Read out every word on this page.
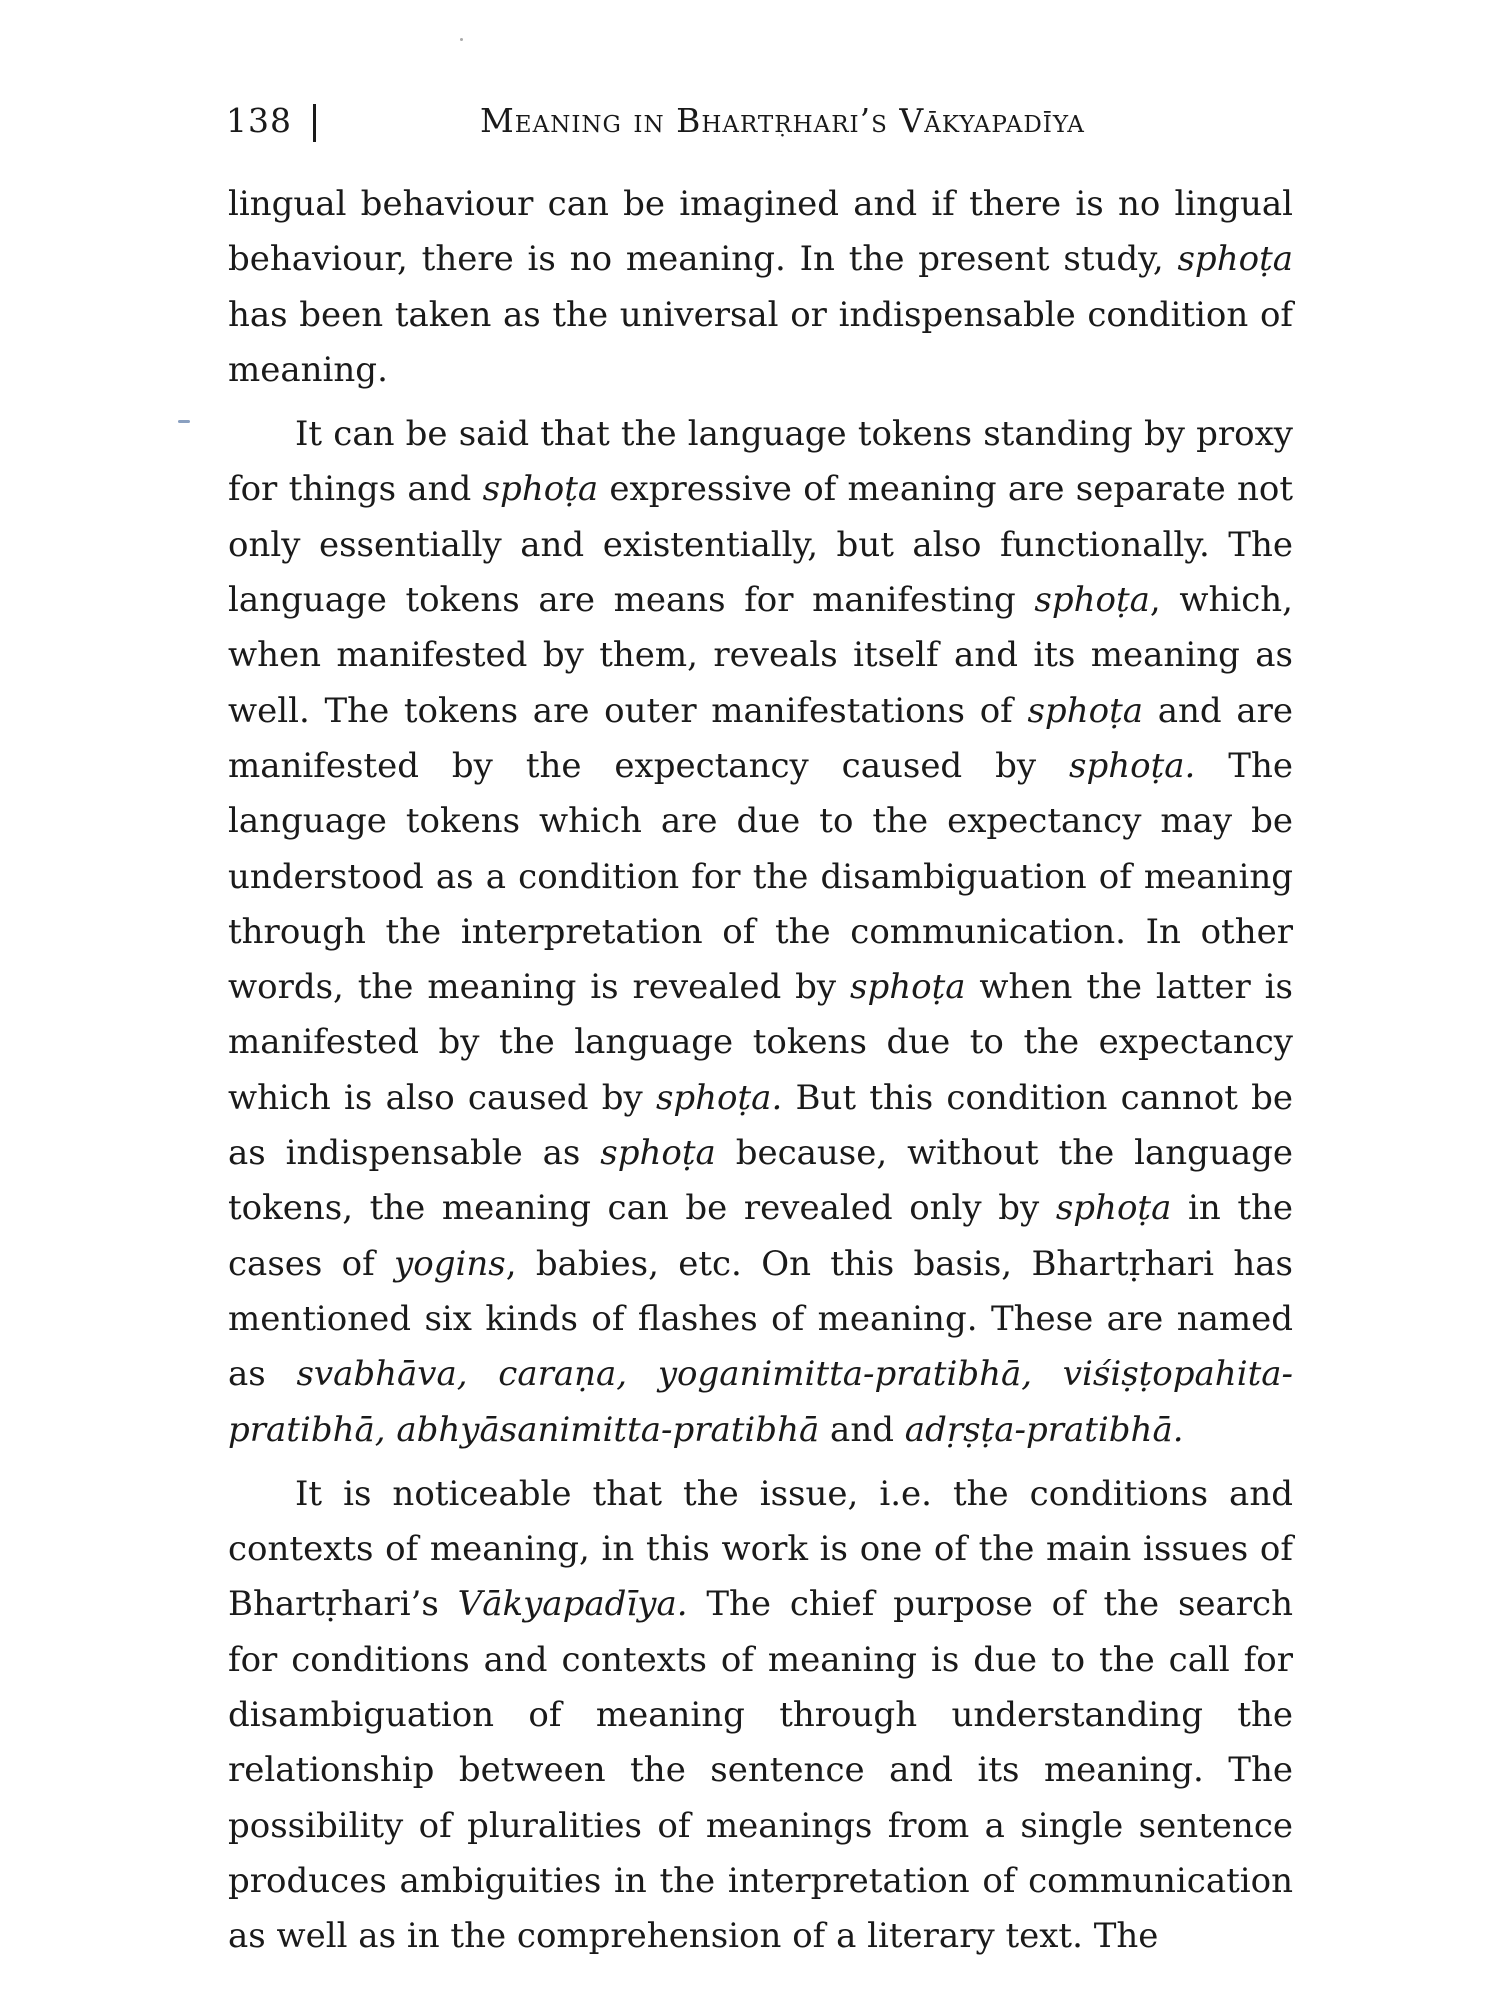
138	Meaning in Bhartṛhari’s Vākyapadīya

lingual behaviour can be imagined and if there is no lingual behaviour, there is no meaning. In the present study, sphoṭa has been taken as the universal or indispensable condition of meaning.

It can be said that the language tokens standing by proxy for things and sphoṭa expressive of meaning are separate not only essentially and existentially, but also functionally. The language tokens are means for manifesting sphoṭa, which, when manifested by them, reveals itself and its meaning as well. The tokens are outer manifestations of sphoṭa and are manifested by the expectancy caused by sphoṭa. The language tokens which are due to the expectancy may be understood as a condition for the disambiguation of meaning through the interpretation of the communication. In other words, the meaning is revealed by sphoṭa when the latter is manifested by the language tokens due to the expectancy which is also caused by sphoṭa. But this condition cannot be as indispensable as sphoṭa because, without the language tokens, the meaning can be revealed only by sphoṭa in the cases of yogins, babies, etc. On this basis, Bhartṛhari has mentioned six kinds of flashes of meaning. These are named as svabhāva, caraṇa, yoganimitta-pratibhā, viśiṣṭopahita-pratibhā, abhyāsanimitta-pratibhā and adṛṣṭa-pratibhā.

It is noticeable that the issue, i.e. the conditions and contexts of meaning, in this work is one of the main issues of Bhartṛhari’s Vākyapadīya. The chief purpose of the search for conditions and contexts of meaning is due to the call for disambiguation of meaning through understanding the relationship between the sentence and its meaning. The possibility of pluralities of meanings from a single sentence produces ambiguities in the interpretation of communication as well as in the comprehension of a literary text. The
